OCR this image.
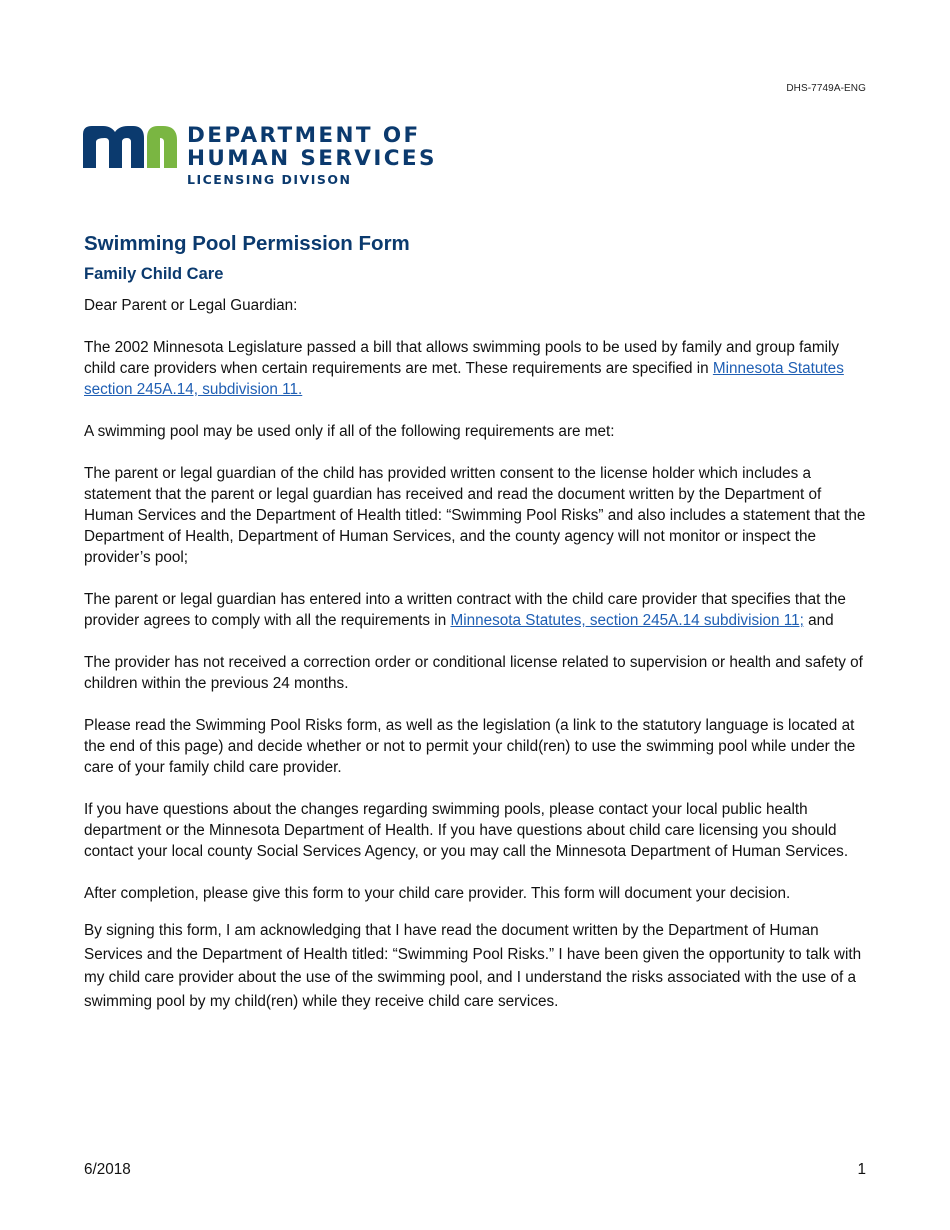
DHS-7749A-ENG
DEPARTMENT OF
HUMAN SERVICES
LICENSING DIVISON
Swimming Pool Permission Form
Family Child Care

Dear Parent or Legal Guardian:

The 2002 Minnesota Legislature passed a bill that allows swimming pools to be used by family and group family child care providers when certain requirements are met. These requirements are specified in Minnesota Statutes section 245A.14, subdivision 11.

A swimming pool may be used only if all of the following requirements are met:

The parent or legal guardian of the child has provided written consent to the license holder which includes a statement that the parent or legal guardian has received and read the document written by the Department of Human Services and the Department of Health titled: “Swimming Pool Risks” and also includes a statement that the Department of Health, Department of Human Services, and the county agency will not monitor or inspect the provider’s pool;

The parent or legal guardian has entered into a written contract with the child care provider that specifies that the provider agrees to comply with all the requirements in Minnesota Statutes, section 245A.14 subdivision 11; and

The provider has not received a correction order or conditional license related to supervision or health and safety of children within the previous 24 months.

Please read the Swimming Pool Risks form, as well as the legislation (a link to the statutory language is located at the end of this page) and decide whether or not to permit your child(ren) to use the swimming pool while under the care of your family child care provider.

If you have questions about the changes regarding swimming pools, please contact your local public health department or the Minnesota Department of Health. If you have questions about child care licensing you should contact your local county Social Services Agency, or you may call the Minnesota Department of Human Services.

After completion, please give this form to your child care provider. This form will document your decision.

By signing this form, I am acknowledging that I have read the document written by the Department of Human Services and the Department of Health titled: “Swimming Pool Risks.” I have been given the opportunity to talk with my child care provider about the use of the swimming pool, and I understand the risks associated with the use of a swimming pool by my child(ren) while they receive child care services.

6/2018	1
